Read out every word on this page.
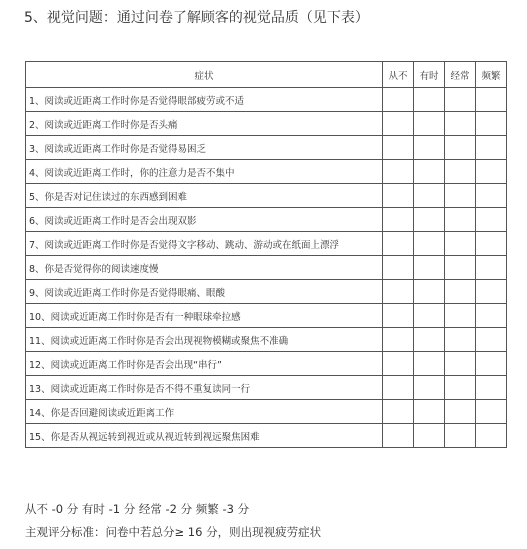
5、视觉问题：通过问卷了解顾客的视觉品质（见下表）
症状	从不	有时	经常	频繁
1、阅读或近距离工作时你是否觉得眼部疲劳或不适				
2、阅读或近距离工作时你是否头痛				
3、阅读或近距离工作时你是否觉得易困乏				
4、阅读或近距离工作时，你的注意力是否不集中				
5、你是否对记住读过的东西感到困难				
6、阅读或近距离工作时是否会出现双影				
7、阅读或近距离工作时你是否觉得文字移动、跳动、游动或在纸面上漂浮				
8、你是否觉得你的阅读速度慢				
9、阅读或近距离工作时你是否觉得眼痛、眼酸				
10、阅读或近距离工作时你是否有一种眼球牵拉感				
11、阅读或近距离工作时你是否会出现视物模糊或聚焦不准确				
12、阅读或近距离工作时你是否会出现“串行”				
13、阅读或近距离工作时你是否不得不重复读同一行				
14、你是否回避阅读或近距离工作				
15、你是否从视远转到视近或从视近转到视远聚焦困难				
从不 -0 分 有时 -1 分 经常 -2 分 频繁 -3 分
主观评分标准：问卷中若总分≥ 16 分，则出现视疲劳症状
